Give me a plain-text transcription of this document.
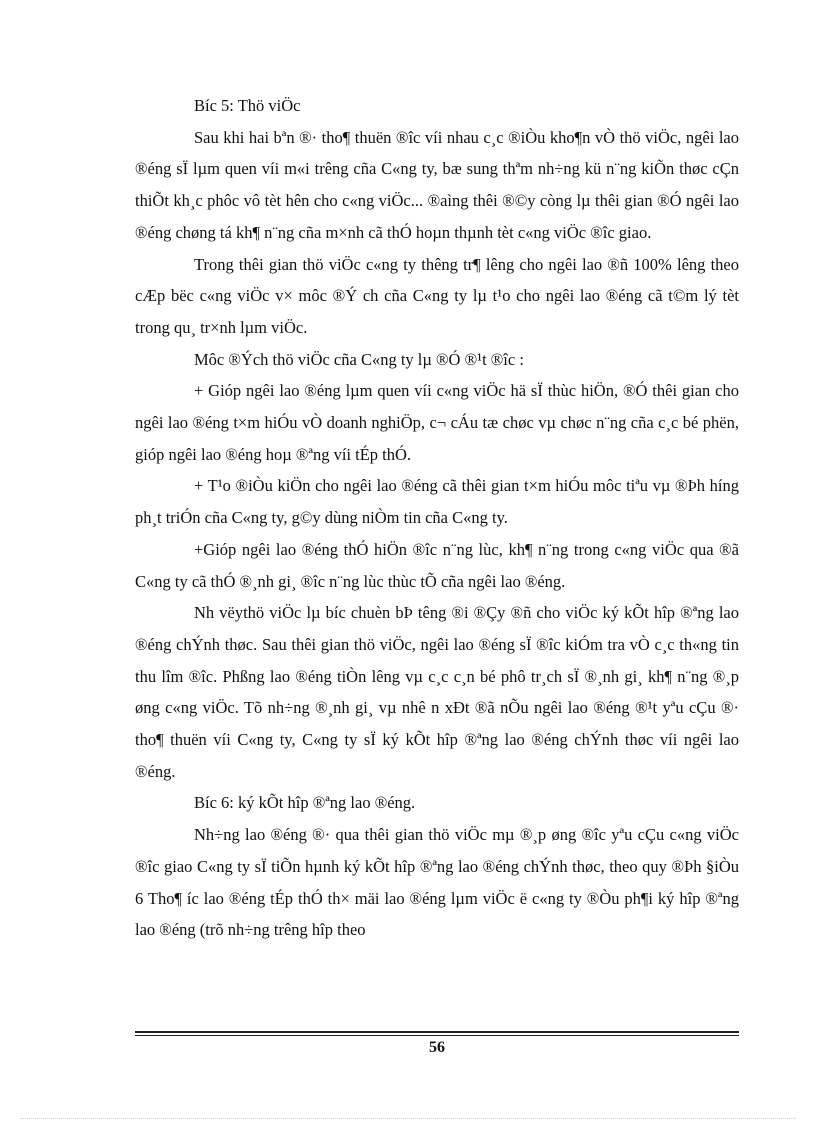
Bíc 5: Thö viÖc

Sau khi hai bªn ®· tho¶ thuën ®îc víi nhau c¸c ®iÒu kho¶n vÒ thö viÖc, ngêi lao ®éng sÏ lµm quen víi m«i trêng cña C«ng ty, bæ sung thªm nh÷ng kü n¨ng kiÕn thøc cÇn thiÕt kh¸c phôc vô tèt hên cho c«ng viÖc... ®aìng thêi ®©y còng lµ thêi gian ®Ó ngêi lao ®éng chøng tá kh¶ n¨ng cña m×nh cã thÓ hoµn thµnh tèt c«ng viÖc ®îc giao.

Trong thêi gian thö viÖc c«ng ty thêng tr¶ lêng cho ngêi lao ®ñ 100% lêng theo cÆp bëc c«ng viÖc v× môc ®Ý ch cña C«ng ty lµ t¹o cho ngêi lao ®éng cã t©m lý tèt trong qu¸ tr×nh lµm viÖc.

Môc ®Ých thö viÖc cña C«ng ty lµ ®Ó ®¹t ®îc :

+ Gióp ngêi lao ®éng lµm quen víi c«ng viÖc hä sÏ thùc hiÖn, ®Ó thêi gian cho ngêi lao ®éng t×m hiÓu vÒ doanh nghiÖp, c¬ cÁu tæ chøc vµ chøc n¨ng cña c¸c bé phën, gióp ngêi lao ®éng hoµ ®ªng víi tÉp thÓ.

+ T¹o ®iÒu kiÖn cho ngêi lao ®éng cã thêi gian t×m hiÓu môc tiªu vµ ®Þh híng ph¸t triÓn cña C«ng ty, g©y dùng niÒm tin cña C«ng ty.

+Gióp ngêi lao ®éng thÓ hiÖn ®îc n¨ng lùc, kh¶ n¨ng trong c«ng viÖc qua ®ã C«ng ty cã thÓ ®¸nh gi¸ ®îc n¨ng lùc thùc tÕ cña ngêi lao ®éng.

Nh vëythö viÖc lµ bíc chuèn bÞ têng ®i ®Çy ®ñ cho viÖc ký kÕt hîp ®ªng lao ®éng chÝnh thøc. Sau thêi gian thö viÖc, ngêi lao ®éng sÏ ®îc kiÓm tra vÒ c¸c th«ng tin thu lîm ®îc. Phßng lao ®éng tiÒn lêng vµ c¸c c¸n bé phô tr¸ch sÏ ®¸nh gi¸ kh¶ n¨ng ®¸p øng c«ng viÖc. Tõ nh÷ng ®¸nh gi¸ vµ nhê n xÐt ®ã nÕu ngêi lao ®éng ®¹t yªu cÇu ®· tho¶ thuën víi C«ng ty, C«ng ty sÏ ký kÕt hîp ®ªng lao ®éng chÝnh thøc víi ngêi lao ®éng.

Bíc 6: ký kÕt hîp ®ªng lao ®éng.

Nh÷ng lao ®éng ®· qua thêi gian thö viÖc mµ ®¸p øng ®îc yªu cÇu c«ng viÖc ®îc giao C«ng ty sÏ tiÕn hµnh ký kÕt hîp ®ªng lao ®éng chÝnh thøc, theo quy ®Þh §iÒu 6 Tho¶ íc lao ®éng tÉp thÓ th× mäi lao ®éng lµm viÖc ë c«ng ty ®Òu ph¶i ký hîp ®ªng lao ®éng (trõ nh÷ng trêng hîp theo

56
